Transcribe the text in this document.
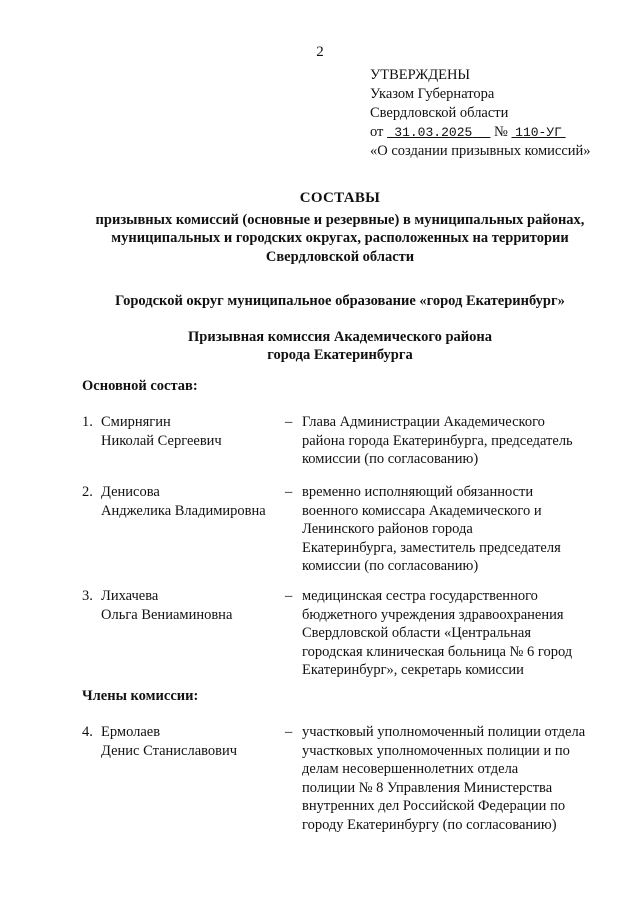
2
УТВЕРЖДЕНЫ
Указом Губернатора
Свердловской области
от 31.03.2025 № 110-УГ
«О создании призывных комиссий»
СОСТАВЫ
призывных комиссий (основные и резервные) в муниципальных районах,
муниципальных и городских округах, расположенных на территории
Свердловской области
Городской округ муниципальное образование «город Екатеринбург»
Призывная комиссия Академического района
города Екатеринбурга
Основной состав:
1. Смирнягин
Николай Сергеевич
– Глава Администрации Академического
района города Екатеринбурга, председатель
комиссии (по согласованию)
2. Денисова
Анджелика Владимировна
– временно исполняющий обязанности
военного комиссара Академического и
Ленинского районов города
Екатеринбурга, заместитель председателя
комиссии (по согласованию)
3. Лихачева
Ольга Вениаминовна
– медицинская сестра государственного
бюджетного учреждения здравоохранения
Свердловской области «Центральная
городская клиническая больница № 6 город
Екатеринбург», секретарь комиссии
Члены комиссии:
4. Ермолаев
Денис Станиславович
– участковый уполномоченный полиции отдела
участковых уполномоченных полиции и по
делам несовершеннолетних отдела
полиции № 8 Управления Министерства
внутренних дел Российской Федерации по
городу Екатеринбургу (по согласованию)
